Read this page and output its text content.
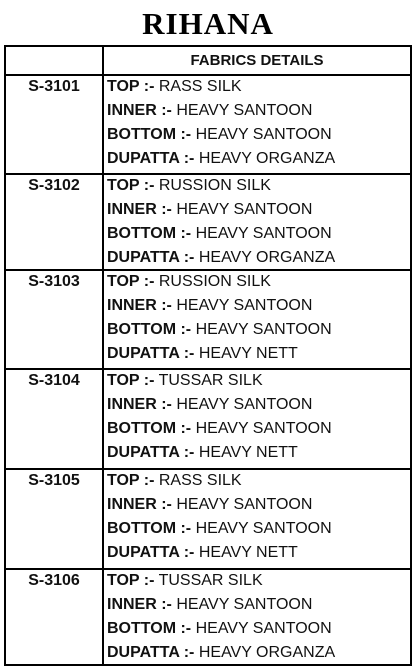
RIHANA
FABRICS DETAILS
S-3101	TOP :- RASS SILK
INNER :- HEAVY SANTOON
BOTTOM :- HEAVY SANTOON
DUPATTA :- HEAVY ORGANZA
S-3102	TOP :- RUSSION SILK
INNER :- HEAVY SANTOON
BOTTOM :- HEAVY SANTOON
DUPATTA :- HEAVY ORGANZA
S-3103	TOP :- RUSSION SILK
INNER :- HEAVY SANTOON
BOTTOM :- HEAVY SANTOON
DUPATTA :- HEAVY NETT
S-3104	TOP :- TUSSAR SILK
INNER :- HEAVY SANTOON
BOTTOM :- HEAVY SANTOON
DUPATTA :- HEAVY NETT
S-3105	TOP :- RASS SILK
INNER :- HEAVY SANTOON
BOTTOM :- HEAVY SANTOON
DUPATTA :- HEAVY NETT
S-3106	TOP :- TUSSAR SILK
INNER :- HEAVY SANTOON
BOTTOM :- HEAVY SANTOON
DUPATTA :- HEAVY ORGANZA
